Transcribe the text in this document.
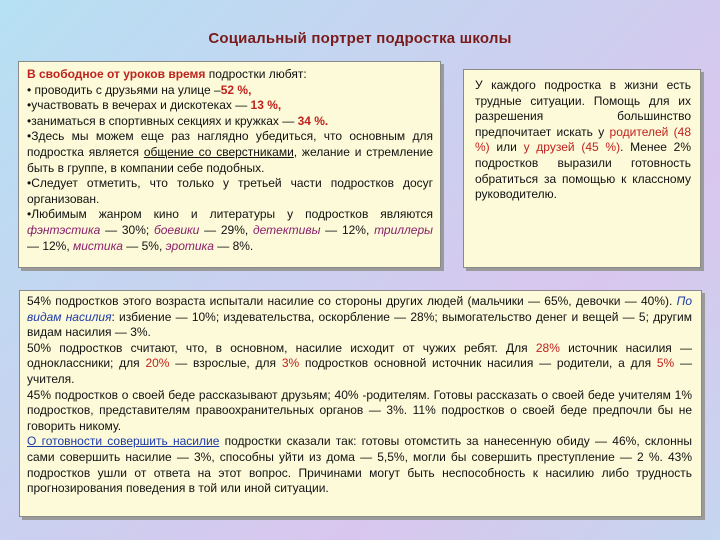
Социальный портрет подростка школы

В свободное от уроков время подростки любят:

• проводить с друзьями на улице –52 %,

•участвовать в вечерах и дискотеках — 13 %,

•заниматься в спортивных секциях и кружках — 34 %.

•Здесь мы можем еще раз наглядно убедиться, что основным для подростка является общение со сверстниками, желание и стремление быть в группе, в компании себе подобных.

•Следует отметить, что только у третьей части подростков досуг организован.

•Любимым жанром кино и литературы у подростков являются фэнтэстика — 30%; боевики — 29%, детективы — 12%, триллеры — 12%, мистика — 5%, эротика — 8%.

У каждого подростка в жизни есть трудные ситуации. Помощь для их разрешения большинство предпочитает искать у родителей (48 %) или у друзей (45 %). Менее 2% подростков выразили готовность обратиться за помощью к классному руководителю.

54% подростков этого возраста испытали насилие со стороны других людей (мальчики — 65%, девочки — 40%). По видам насилия: избиение — 10%; издевательства, оскорбление — 28%; вымогательство денег и вещей — 5; другим видам насилия — 3%.

50% подростков считают, что, в основном, насилие исходит от чужих ребят. Для 28% источник насилия — одноклассники; для 20% — взрослые, для 3% подростков основной источник насилия — родители, а для 5% — учителя.

45% подростков о своей беде рассказывают друзьям; 40% -родителям. Готовы рассказать о своей беде учителям 1% подростков, представителям правоохранительных органов — 3%. 11% подростков о своей беде предпочли бы не говорить никому.

О готовности совершить насилие подростки сказали так: готовы отомстить за нанесенную обиду — 46%, склонны сами совершить насилие — 3%, способны уйти из дома — 5,5%, могли бы совершить преступление — 2 %. 43% подростков ушли от ответа на этот вопрос. Причинами могут быть неспособность к насилию либо трудность прогнозирования поведения в той или иной ситуации.
